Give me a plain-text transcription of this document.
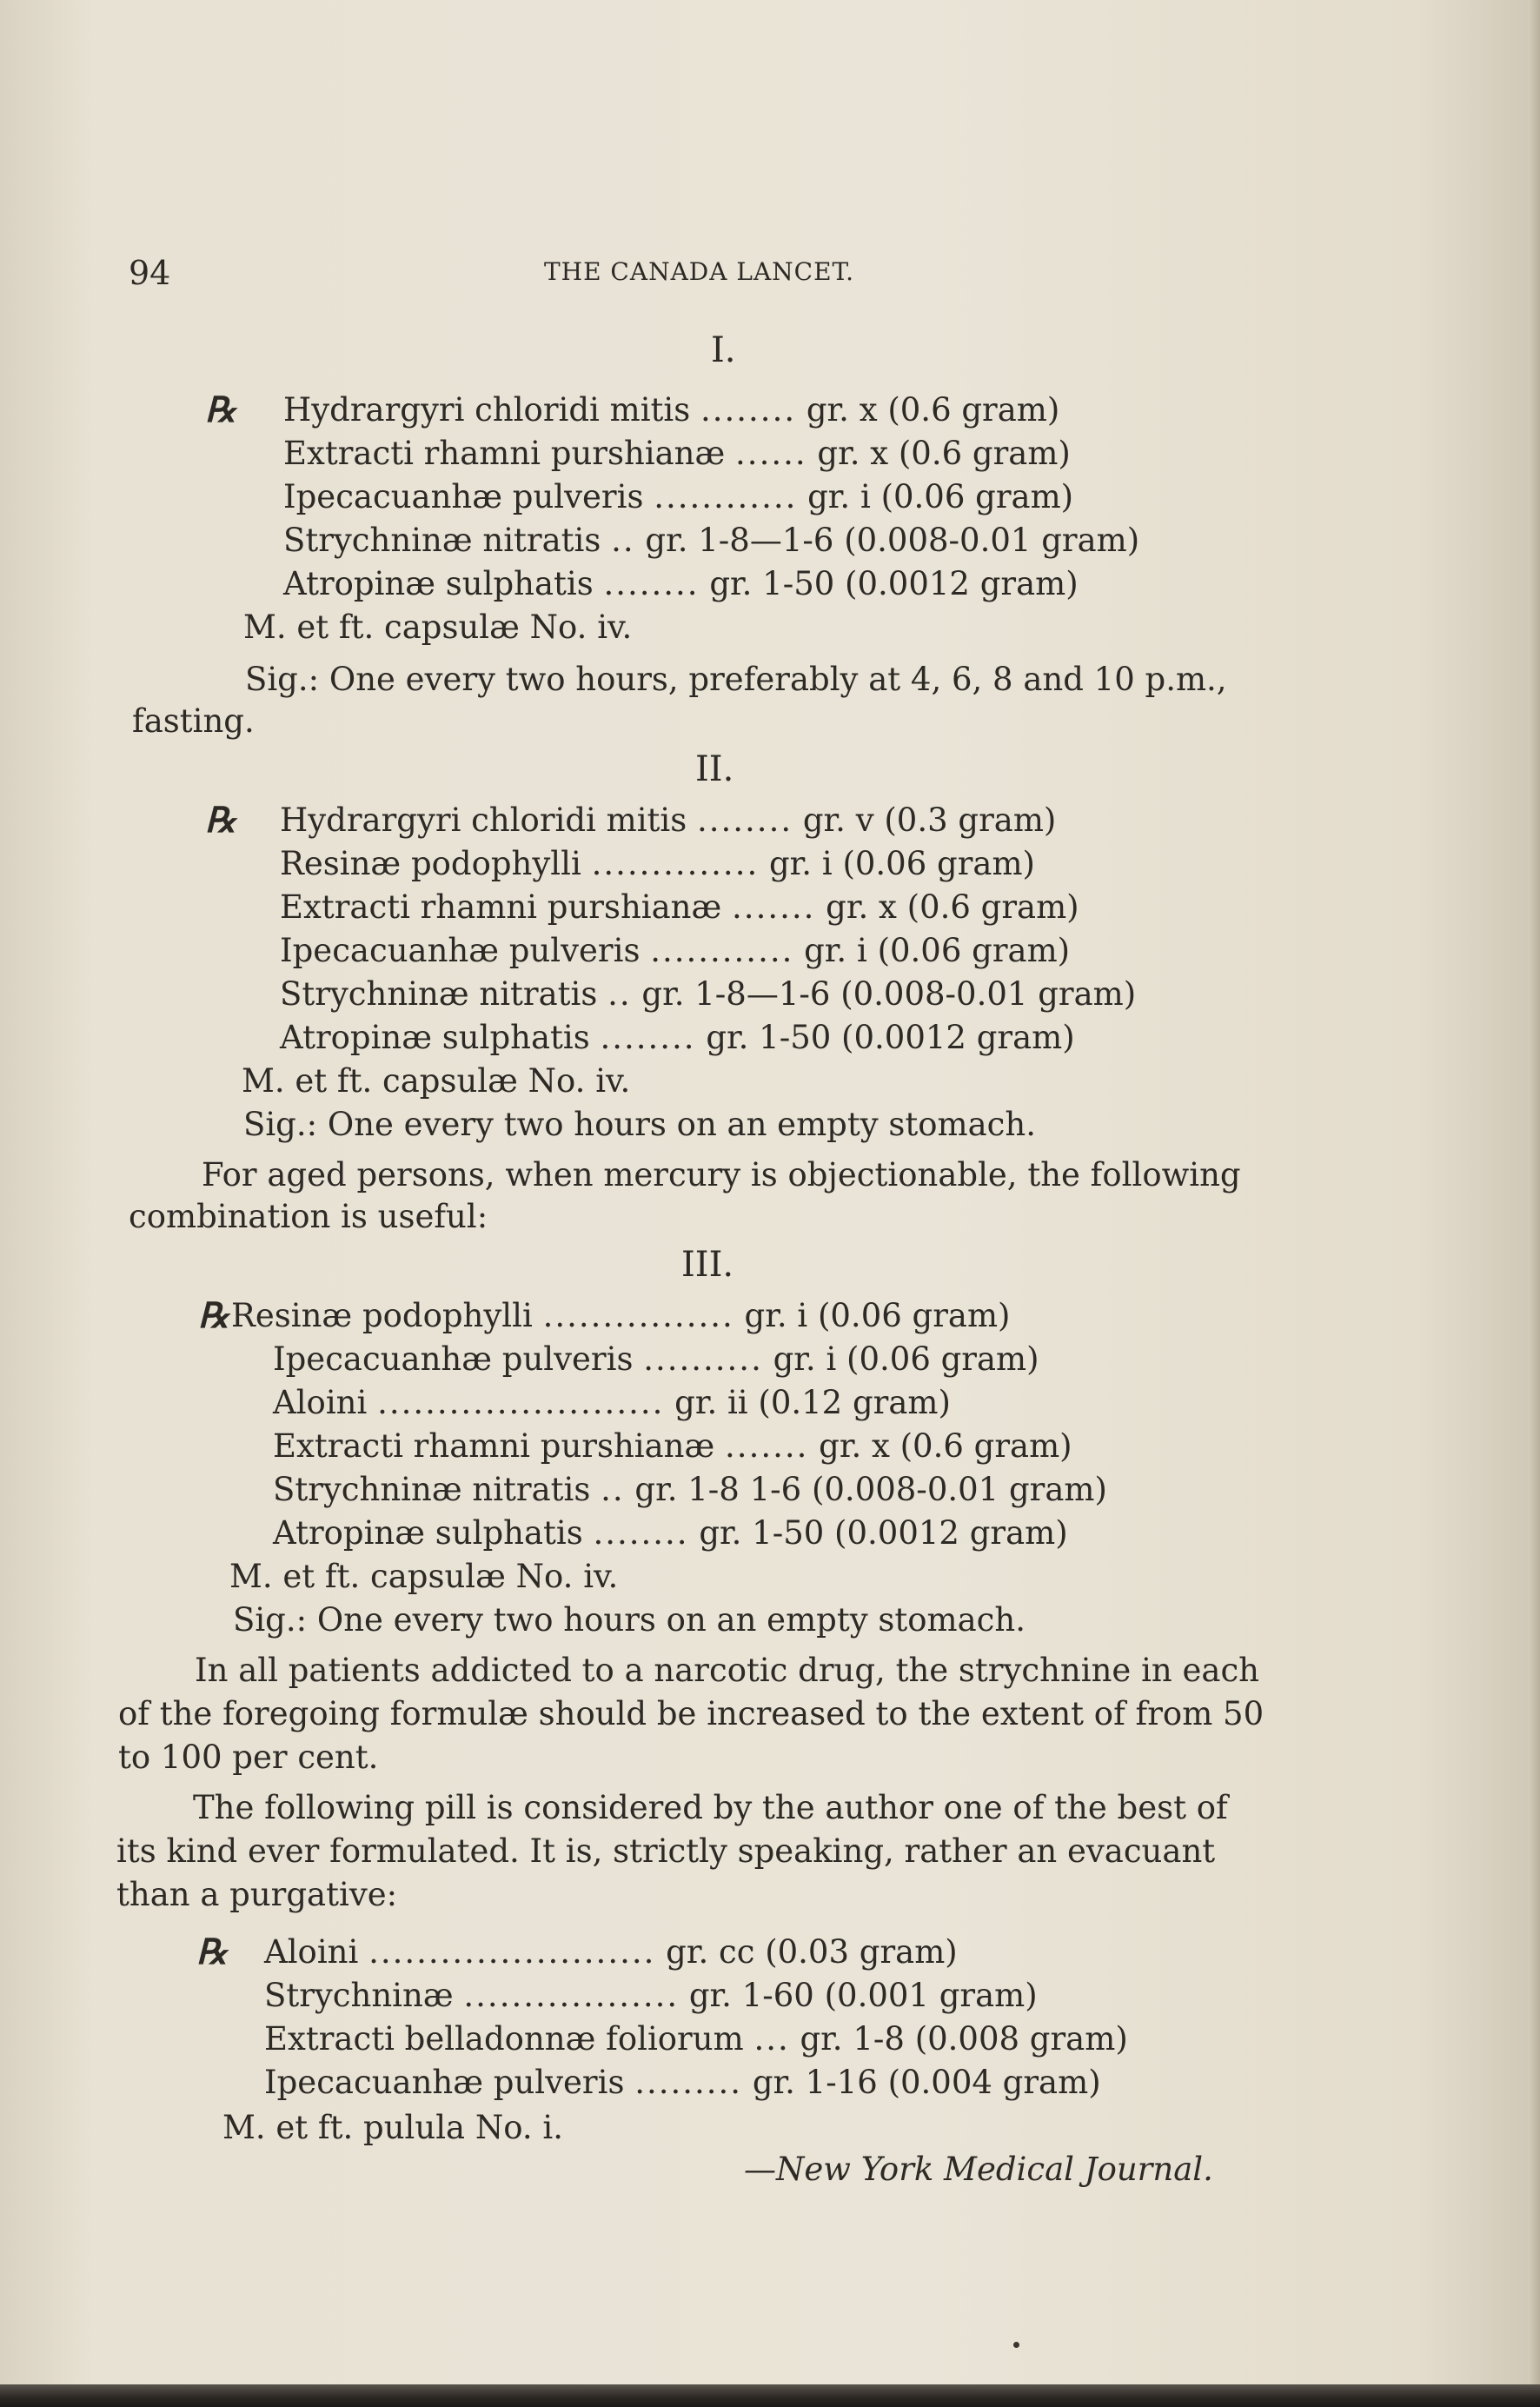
94	THE CANADA LANCET.
I.
℞ Hydrargyri chloridi mitis ........ gr. x (0.6 gram)
Extracti rhamni purshianæ ...... gr. x (0.6 gram)
Ipecacuanhæ pulveris ............ gr. i (0.06 gram)
Strychninæ nitratis .. gr. 1-8—1-6 (0.008-0.01 gram)
Atropinæ sulphatis ........ gr. 1-50 (0.0012 gram)
M. et ft. capsulæ No. iv.
Sig.: One every two hours, preferably at 4, 6, 8 and 10 p.m.,
fasting.
II.
℞ Hydrargyri chloridi mitis ........ gr. v (0.3 gram)
Resinæ podophylli .............. gr. i (0.06 gram)
Extracti rhamni purshianæ ....... gr. x (0.6 gram)
Ipecacuanhæ pulveris ............ gr. i (0.06 gram)
Strychninæ nitratis .. gr. 1-8—1-6 (0.008-0.01 gram)
Atropinæ sulphatis ........ gr. 1-50 (0.0012 gram)
M. et ft. capsulæ No. iv.
Sig.: One every two hours on an empty stomach.
For aged persons, when mercury is objectionable, the following
combination is useful:
III.
℞ Resinæ podophylli ................ gr. i (0.06 gram)
Ipecacuanhæ pulveris .......... gr. i (0.06 gram)
Aloini ........................ gr. ii (0.12 gram)
Extracti rhamni purshianæ ....... gr. x (0.6 gram)
Strychninæ nitratis .. gr. 1-8 1-6 (0.008-0.01 gram)
Atropinæ sulphatis ........ gr. 1-50 (0.0012 gram)
M. et ft. capsulæ No. iv.
Sig.: One every two hours on an empty stomach.
In all patients addicted to a narcotic drug, the strychnine in each
of the foregoing formulæ should be increased to the extent of from 50
to 100 per cent.
The following pill is considered by the author one of the best of
its kind ever formulated. It is, strictly speaking, rather an evacuant
than a purgative:
℞ Aloini ........................ gr. cc (0.03 gram)
Strychninæ .................. gr. 1-60 (0.001 gram)
Extracti belladonnæ foliorum ... gr. 1-8 (0.008 gram)
Ipecacuanhæ pulveris ......... gr. 1-16 (0.004 gram)
M. et ft. pulula No. i.
—New York Medical Journal.
